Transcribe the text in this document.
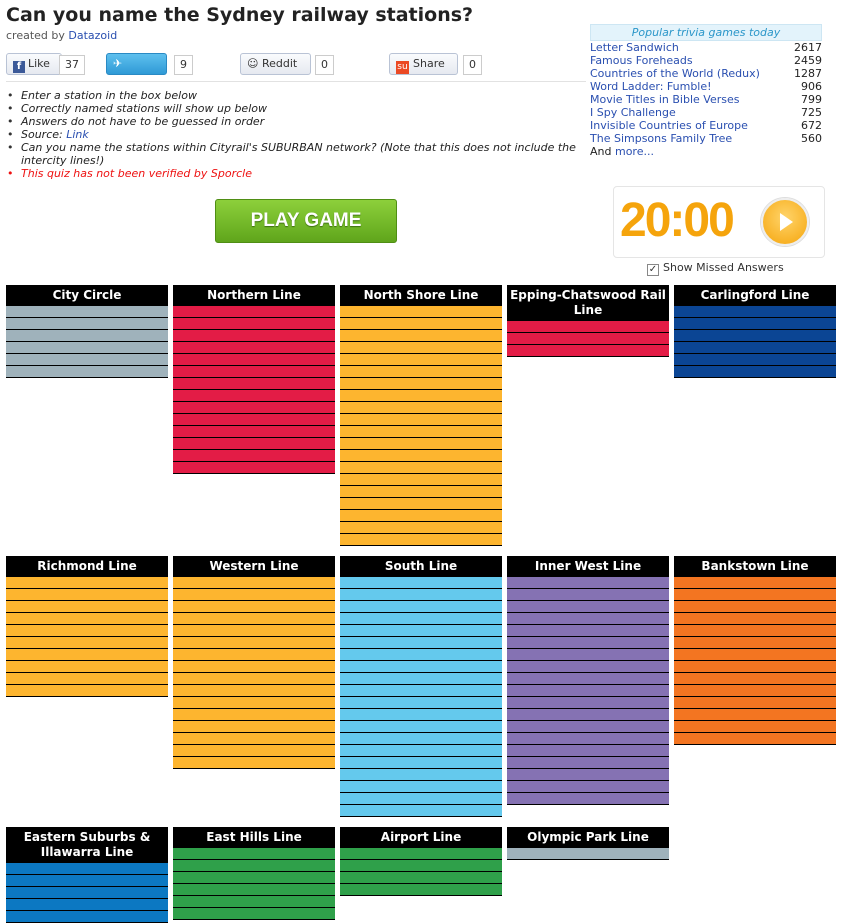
Can you name the Sydney railway stations?
created by Datazoid
f Like	37	✈ Tweet
9	☺ Reddit	0	su Share	0
• Enter a station in the box below
• Correctly named stations will show up below
• Answers do not have to be guessed in order
• Source: Link
• Can you name the stations within Cityrail's SUBURBAN network? (Note that this does not include the intercity lines!)
• This quiz has not been verified by Sporcle
PLAY GAME
Popular trivia games today
Letter Sandwich	2617
Famous Foreheads	2459
Countries of the World (Redux)	1287
Word Ladder: Fumble!	906
Movie Titles in Bible Verses	799
I Spy Challenge	725
Invisible Countries of Europe	672
The Simpsons Family Tree	560
And more...
20:00
✓ Show Missed Answers
City Circle	Northern Line	North Shore Line	Epping-Chatswood Rail Line
Carlingford Line
Richmond Line	Western Line	South Line	Inner West Line	Bankstown Line
Eastern Suburbs & Illawarra Line
East Hills Line	Airport Line	Olympic Park Line
